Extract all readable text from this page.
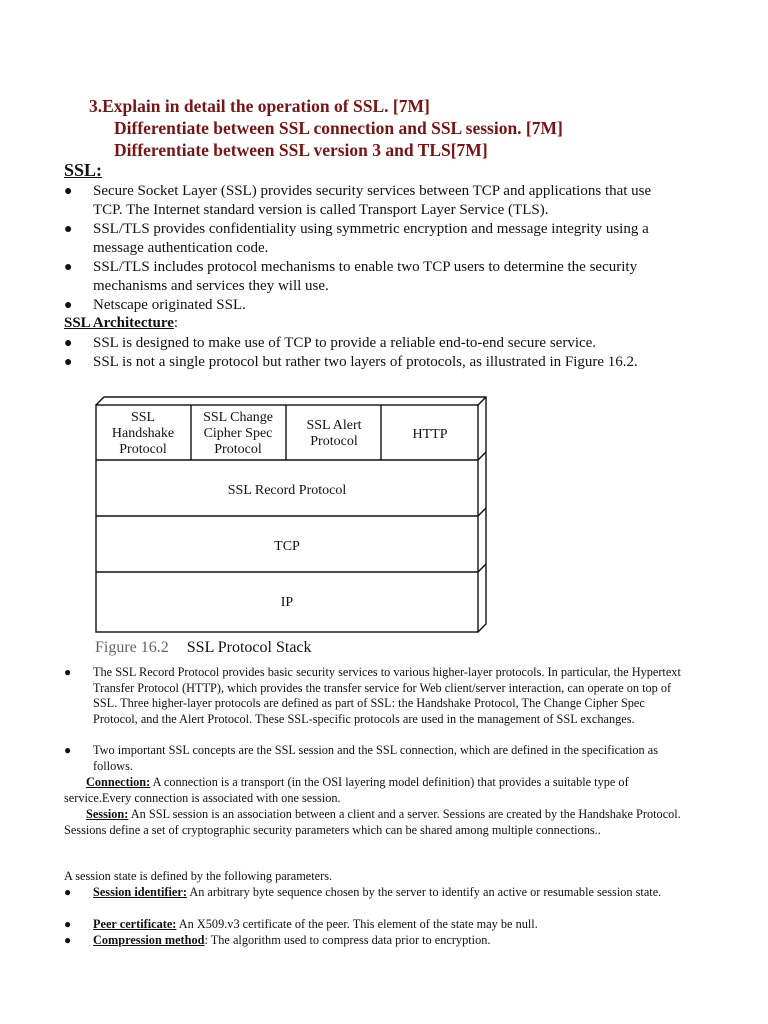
3.Explain in detail the operation of SSL. [7M]
Differentiate between SSL connection and SSL session. [7M]
Differentiate between SSL version 3 and TLS[7M]
SSL:
● Secure Socket Layer (SSL) provides security services between TCP and applications that use TCP. The Internet standard version is called Transport Layer Service (TLS).
● SSL/TLS provides confidentiality using symmetric encryption and message integrity using a message authentication code.
● SSL/TLS includes protocol mechanisms to enable two TCP users to determine the security mechanisms and services they will use.
● Netscape originated SSL.
SSL Architecture:
● SSL is designed to make use of TCP to provide a reliable end-to-end secure service.
● SSL is not a single protocol but rather two layers of protocols, as illustrated in Figure 16.2.
SSL
Handshake
Protocol
SSL Change
Cipher Spec
Protocol
SSL Alert
Protocol	HTTP
SSL Record Protocol
TCP
IP
Figure 16.2 SSL Protocol Stack
● The SSL Record Protocol provides basic security services to various higher-layer protocols. In particular, the Hypertext Transfer Protocol (HTTP), which provides the transfer service for Web client/server interaction, can operate on top of SSL. Three higher-layer protocols are defined as part of SSL: the Handshake Protocol, The Change Cipher Spec Protocol, and the Alert Protocol. These SSL-specific protocols are used in the management of SSL exchanges.
● Two important SSL concepts are the SSL session and the SSL connection, which are defined in the specification as follows.
Connection: A connection is a transport (in the OSI layering model definition) that provides a suitable type of service.Every connection is associated with one session.
Session: An SSL session is an association between a client and a server. Sessions are created by the Handshake Protocol. Sessions define a set of cryptographic security parameters which can be shared among multiple connections..
A session state is defined by the following parameters.
● Session identifier: An arbitrary byte sequence chosen by the server to identify an active or resumable session state.
● Peer certificate: An X509.v3 certificate of the peer. This element of the state may be null.
● Compression method: The algorithm used to compress data prior to encryption.
